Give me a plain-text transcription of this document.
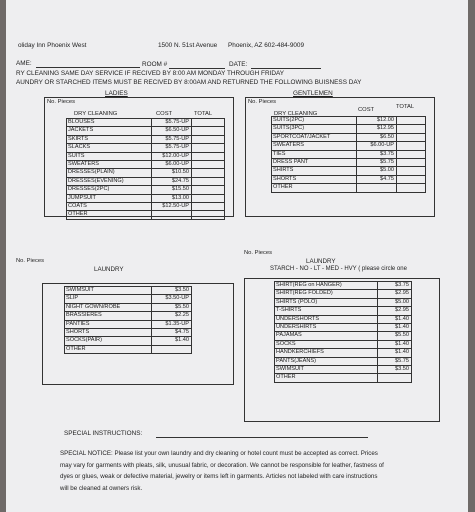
oliday Inn Phoenix West	1500 N. 51st Avenue Phoenix, AZ 602-484-9009
AME:	ROOM #	DATE:
RY CLEANING SAME DAY SERVICE IF RECIVED BY 8:00 AM MONDAY THROUGH FRIDAY
AUNDRY OR STARCHED ITEMS MUST BE RECIVED BY 8:00AM AND RETURNED THE FOLLOWING BUISNESS DAY
LADIES
No. Pieces
DRY CLEANING	COST	TOTAL
BLOUSES	$5.75-UP	
JACKETS	$6.50-UP	
SKIRTS	$5.75-UP	
SLACKS	$5.75-UP	
SUITS	$12.00-UP	
SWEATERS	$6.00-UP	
DRESSES(PLAIN)	$10.50	
DRESSES(EVENING)	$24.75	
DRESSES(2PC)	$15.50	
JUMPSUIT	$13.00	
COATS	$12.50-UP	
OTHER		
GENTLEMEN
No. Pieces
DRY CLEANING
COST	TOTAL
SUITS(2PC)	$12.00	
SUITS(3PC)	$12.95	
SPORTCOAT/JACKET	$6.50	
SWEATERS	$6.00-UP	
TIES	$3.75	
DRESS PANT	$5.75	
SHIRTS	$5.00	
SHORTS	$4.75	
OTHER		
No. Pieces
LAUNDRY
SWIMSUIT	$3.50
SLIP	$3.50-UP
NIGHT GOWN/ROBE	$5.50
BRASSIERES	$2.25
PANTIES	$1.35-UP
SHORTS	$4.75
SOCKS(PAIR)	$1.40
OTHER	
No. Pieces
LAUNDRY
STARCH - NO - LT - MED - HVY ( please circle one
SHIRT(REG on HANGER)	$3.75
SHIRT(REG FOLDED)	$2.95
SHIRTS (POLO)	$5.00
T-SHIRTS	$2.95
UNDERSHORTS	$1.40
UNDERSHIRTS	$1.40
PAJAMAS	$5.50
SOCKS	$1.40
HANDKERCHIEFS	$1.40
PANTS(JEANS)	$5.75
SWIMSUIT	$3.50
OTHER	
SPECIAL INSTRUCTIONS:
SPECIAL NOTICE: Please list your own laundry and dry cleaning or hotel count must be accepted as correct. Prices may vary for garments with pleats, silk, unusual fabric, or decoration. We cannot be responsible for leather, fastness of dyes or glues, weak or defective material, jewelry or items left in garments. Articles not labeled with care instructions will be cleaned at owners risk.
